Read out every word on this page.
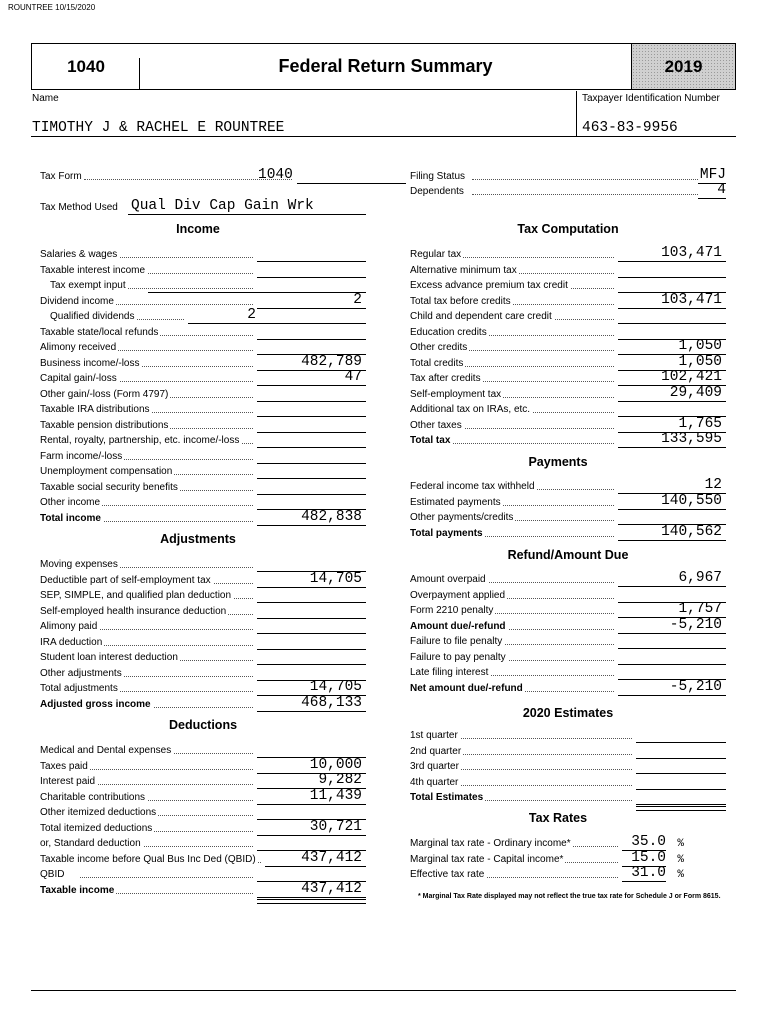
ROUNTREE 10/15/2020
1040	Federal Return Summary	2019
Name	Taxpayer Identification Number
TIMOTHY J & RACHEL E ROUNTREE	463-83-9956
Tax Form	1040
Tax Method Used Qual Div Cap Gain Wrk
Filing Status	MFJ
Dependents	4
Income
Adjustments
Deductions
Tax Computation
Payments
Refund/Amount Due
2020 Estimates
Tax Rates
Salaries & wages
Taxable interest income
Tax exempt input
Dividend income	2
Qualified dividends	2
Taxable state/local refunds
Alimony received
Business income/-loss	482,789
Capital gain/-loss	47
Other gain/-loss (Form 4797)
Taxable IRA distributions
Taxable pension distributions
Rental, royalty, partnership, etc. income/-loss
Farm income/-loss
Unemployment compensation
Taxable social security benefits
Other income
Total income	482,838
Moving expenses
Deductible part of self-employment tax	14,705
SEP, SIMPLE, and qualified plan deduction
Self-employed health insurance deduction
Alimony paid
IRA deduction
Student loan interest deduction
Other adjustments
Total adjustments	14,705
Adjusted gross income	468,133
Medical and Dental expenses
Taxes paid	10,000
Interest paid	9,282
Charitable contributions	11,439
Other itemized deductions
Total itemized deductions	30,721
or, Standard deduction
Taxable income before Qual Bus Inc Ded (QBID)	437,412
QBID
Taxable income	437,412
Regular tax	103,471
Alternative minimum tax
Excess advance premium tax credit
Total tax before credits	103,471
Child and dependent care credit
Education credits
Other credits	1,050
Total credits	1,050
Tax after credits	102,421
Self-employment tax	29,409
Additional tax on IRAs, etc.
Other taxes	1,765
Total tax	133,595
Federal income tax withheld	12
Estimated payments	140,550
Other payments/credits
Total payments	140,562
Amount overpaid	6,967
Overpayment applied
Form 2210 penalty	1,757
Amount due/-refund	-5,210
Failure to file penalty
Failure to pay penalty
Late filing interest
Net amount due/-refund	-5,210
1st quarter
2nd quarter
3rd quarter
4th quarter
Total Estimates
Marginal tax rate - Ordinary income*	35.0 %
Marginal tax rate - Capital income*	15.0 %
Effective tax rate	31.0 %
* Marginal Tax Rate displayed may not reflect the true tax rate for Schedule J or Form 8615.
